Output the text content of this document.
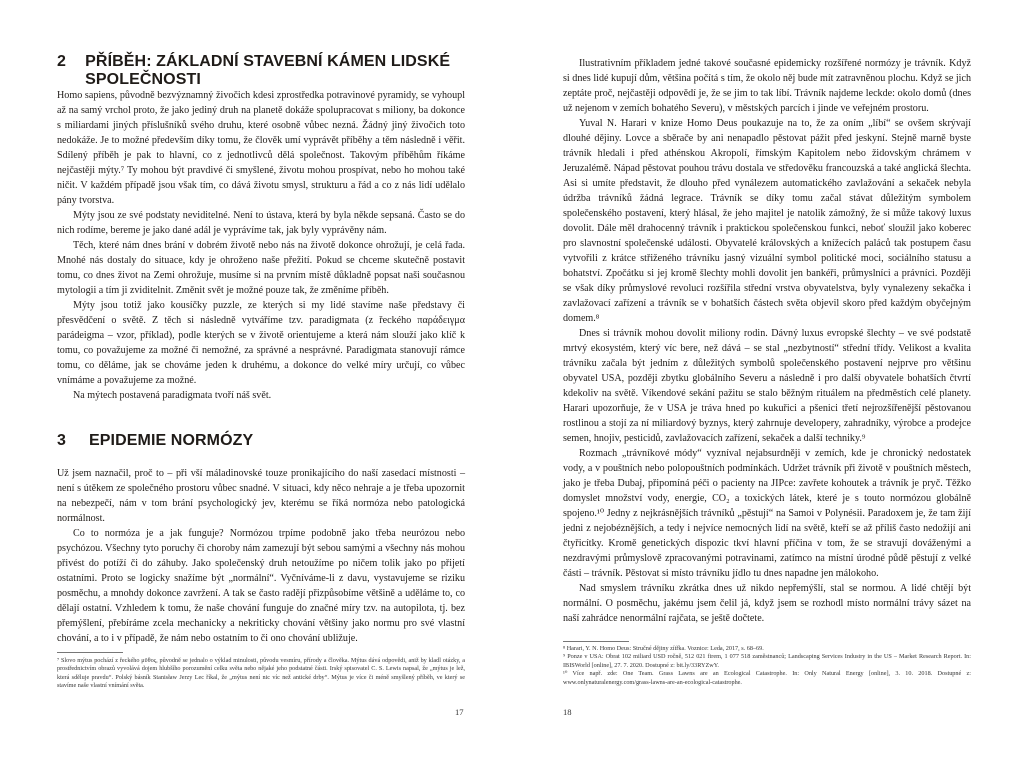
2	PŘÍBĚH: ZÁKLADNÍ STAVEBNÍ KÁMEN LIDSKÉ SPOLEČNOSTI

Homo sapiens, původně bezvýznamný živočich kdesi zprostředka potravinové pyramidy, se vyhoupl až na samý vrchol proto, že jako jediný druh na planetě dokáže spolupracovat s miliony, ba dokonce s miliardami jiných příslušníků svého druhu, které osobně vůbec nezná. Žádný jiný živočich toto nedokáže. Je to možné především díky tomu, že člověk umí vyprávět příběhy a těm následně i věřit. Sdílený příběh je pak to hlavní, co z jednotlivců dělá společnost. Takovým příběhům říkáme nejčastěji mýty.⁷ Ty mohou být pravdivé či smyšlené, životu mohou prospívat, nebo ho mohou také ničit. V každém případě jsou však tím, co dává životu smysl, strukturu a řád a co z nás lidí udělalo pány tvorstva.

Mýty jsou ze své podstaty neviditelné. Není to ústava, která by byla někde sepsaná. Často se do nich rodíme, bereme je jako dané adál je vyprávíme tak, jak byly vyprávěny nám.

Těch, které nám dnes brání v dobrém životě nebo nás na životě dokonce ohrožují, je celá řada. Mnohé nás dostaly do situace, kdy je ohroženo naše přežití. Pokud se chceme skutečně postavit tomu, co dnes život na Zemi ohrožuje, musíme si na prvním místě důkladně popsat naši současnou mytologii a tím ji zviditelnit. Změnit svět je možné pouze tak, že změníme příběh.

Mýty jsou totiž jako kousíčky puzzle, ze kterých si my lidé stavíme naše představy či přesvědčení o světě. Z těch si následně vytváříme tzv. paradigmata (z řeckého παράδειγμα parádeigma – vzor, příklad), podle kterých se v životě orientujeme a která nám slouží jako klíč k tomu, co považujeme za možné či nemožné, za správné a nesprávné. Paradigmata stanovují rámce tomu, co děláme, jak se chováme jeden k druhému, a dokonce do velké míry určují, co vůbec vnímáme a považujeme za možné.

Na mýtech postavená paradigmata tvoří náš svět.

3	EPIDEMIE NORMÓZY

Už jsem naznačil, proč to – při vší máladinovské touze pronikajícího do naší zasedací místnosti – není s útěkem ze společného prostoru vůbec snadné. V situaci, kdy něco nehraje a je třeba upozornit na nebezpečí, nám v tom brání psychologický jev, kterému se říká normóza nebo patologická normálnost.

Co to normóza je a jak funguje? Normózou trpíme podobně jako třeba neurózou nebo psychózou. Všechny tyto poruchy či choroby nám zamezují být sebou samými a všechny nás mohou přivést do potíží či do záhuby. Jako společenský druh netoužíme po ničem tolik jako po přijetí ostatními. Proto se logicky snažíme být „normální“. Vyčníváme-li z davu, vystavujeme se riziku posměchu, a mnohdy dokonce zavržení. A tak se často radějí přizpůsobíme většině a uděláme to, co dělají ostatní. Vzhledem k tomu, že naše chování funguje do značné míry tzv. na autopilota, tj. bez přemýšlení, přebíráme zcela mechanicky a nekriticky chování většiny jako normu pro své vlastní chování, a to i v případě, že nám nebo ostatním to či ono chování ubližuje.

⁷ Slovo mýtus pochází z řeckého μῦθος, původně se jednalo o výklad minulosti, původu vesmíru, přírody a člověka. Mýtus dává odpovědi, aniž by kladl otázky, a prostřednictvím obrazů vyvolává dojem hlubšího porozumění celku světa nebo nějaké jeho podstatné části. Irský spisovatel C. S. Lewis napsal, že „mýtus je lež, která sděluje pravdu“. Polský básník Stanisław Jerzy Lec říkal, že „mýtus není nic víc než antické drby“. Mýtus je více či méně smyšlený příběh, ve který se stavíme naše vlastní vnímání světa.

17

Ilustrativním příkladem jedné takové současné epidemicky rozšířené normózy je trávník. Když si dnes lidé kupují dům, většina počítá s tím, že okolo něj bude mít zatravněnou plochu. Když se jich zeptáte proč, nejčastěji odpovědí je, že se jim to tak líbí. Trávník najdeme leckde: okolo domů (dnes už nejenom v zemích bohatého Severu), v městských parcích i jinde ve veřejném prostoru.

Yuval N. Harari v knize Homo Deus poukazuje na to, že za oním „líbí“ se ovšem skrývají dlouhé dějiny. Lovce a sběrače by ani nenapadlo pěstovat pážit před jeskyní. Stejně marně byste trávník hledali i před athénskou Akropolí, římským Kapitolem nebo židovským chrámem v Jeruzalémě. Nápad pěstovat pouhou trávu dostala ve středověku francouzská a také anglická šlechta. Asi si umíte představit, že dlouho před vynálezem automatického zavlažování a sekaček nebyla údržba trávníků žádná legrace. Trávník se díky tomu začal stávat důležitým symbolem společenského postavení, který hlásal, že jeho majitel je natolik zámožný, že si může takový luxus dovolit. Dále měl drahocenný trávník i praktickou společenskou funkci, neboť sloužil jako koberec pro slavnostní společenské události. Obyvatelé královských a knížecích paláců tak postupem času vytvořili z krátce střiženého trávníku jasný vizuální symbol politické moci, sociálního statusu a bohatství. Zpočátku si jej kromě šlechty mohli dovolit jen bankéři, průmyslníci a právníci. Později se však díky průmyslové revoluci rozšířila střední vrstva obyvatelstva, byly vynalezeny sekačka i zavlažovací zařízení a trávník se v bohatších částech světa objevil skoro před každým obyčejným domem.⁸

Dnes si trávník mohou dovolit miliony rodin. Dávný luxus evropské šlechty – ve své podstatě mrtvý ekosystém, který víc bere, než dává – se stal „nezbytností“ střední třídy. Velikost a kvalita trávníku začala být jedním z důležitých symbolů společenského postavení nejprve pro většinu obyvatel USA, později zbytku globálního Severu a následně i pro další obyvatele bohatších čtvrtí kdekoliv na světě. Víkendové sekání pažitu se stalo běžným rituálem na předměstích celé planety. Harari upozorňuje, že v USA je tráva hned po kukuřici a pšenici třetí nejrozšířenější pěstovanou rostlinou a stojí za ní miliardový byznys, který zahrnuje developery, zahradníky, výrobce a prodejce semen, hnojiv, pesticidů, zavlažovacích zařízení, sekaček a další techniky.⁹

Rozmach „trávníkové módy“ vyzníval nejabsurdněji v zemích, kde je chronický nedostatek vody, a v pouštních nebo polopouštních podmínkách. Udržet trávník při životě v pouštních městech, jako je třeba Dubaj, připomíná péči o pacienty na JIPce: zavřete kohoutek a trávník je pryč. Těžko domyslet množství vody, energie, CO₂ a toxických látek, které je s touto normózou globálně spojeno.¹⁰ Jedny z nejkrásnějších trávníků „pěstují“ na Samoi v Polynésii. Paradoxem je, že tam žijí jedni z nejobéznějších, a tedy i nejvíce nemocných lidí na světě, kteří se až příliš často nedožijí ani čtyřicítky. Kromě genetických dispozic tkví hlavní příčina v tom, že se stravují dováženými a nezdravými průmyslově zpracovanými potravinami, zatímco na místní úrodné půdě pěstují z velké části – trávník. Pěstovat si místo trávníku jídlo tu dnes napadne jen málokoho.

Nad smyslem trávníku zkrátka dnes už nikdo nepřemýšlí, stal se normou. A lidé chtějí být normální. O posměchu, jakému jsem čelil já, když jsem se rozhodl místo normální trávy sázet na naší zahrádce nenormální rajčata, se ještě dočtete.

⁸ Harari, Y. N. Homo Deus: Stručné dějiny zítřka. Voznice: Leda, 2017, s. 68–69.

⁹ Ponze v USA: Obrat 102 miliard USD ročně, 512 021 firem, 1 077 518 zaměstnanců; Landscaping Services Industry in the US – Market Research Report. In: IBISWorld [online], 27. 7. 2020. Dostupné z: bit.ly/33RYZwY.

¹⁰ Více např. zde: One Team. Grass Lawns are an Ecological Catastrophe. In: Only Natural Energy [online], 3. 10. 2018. Dostupné z: www.onlynaturalenergy.com/grass-lawns-are-an-ecological-catastrophe.

18
